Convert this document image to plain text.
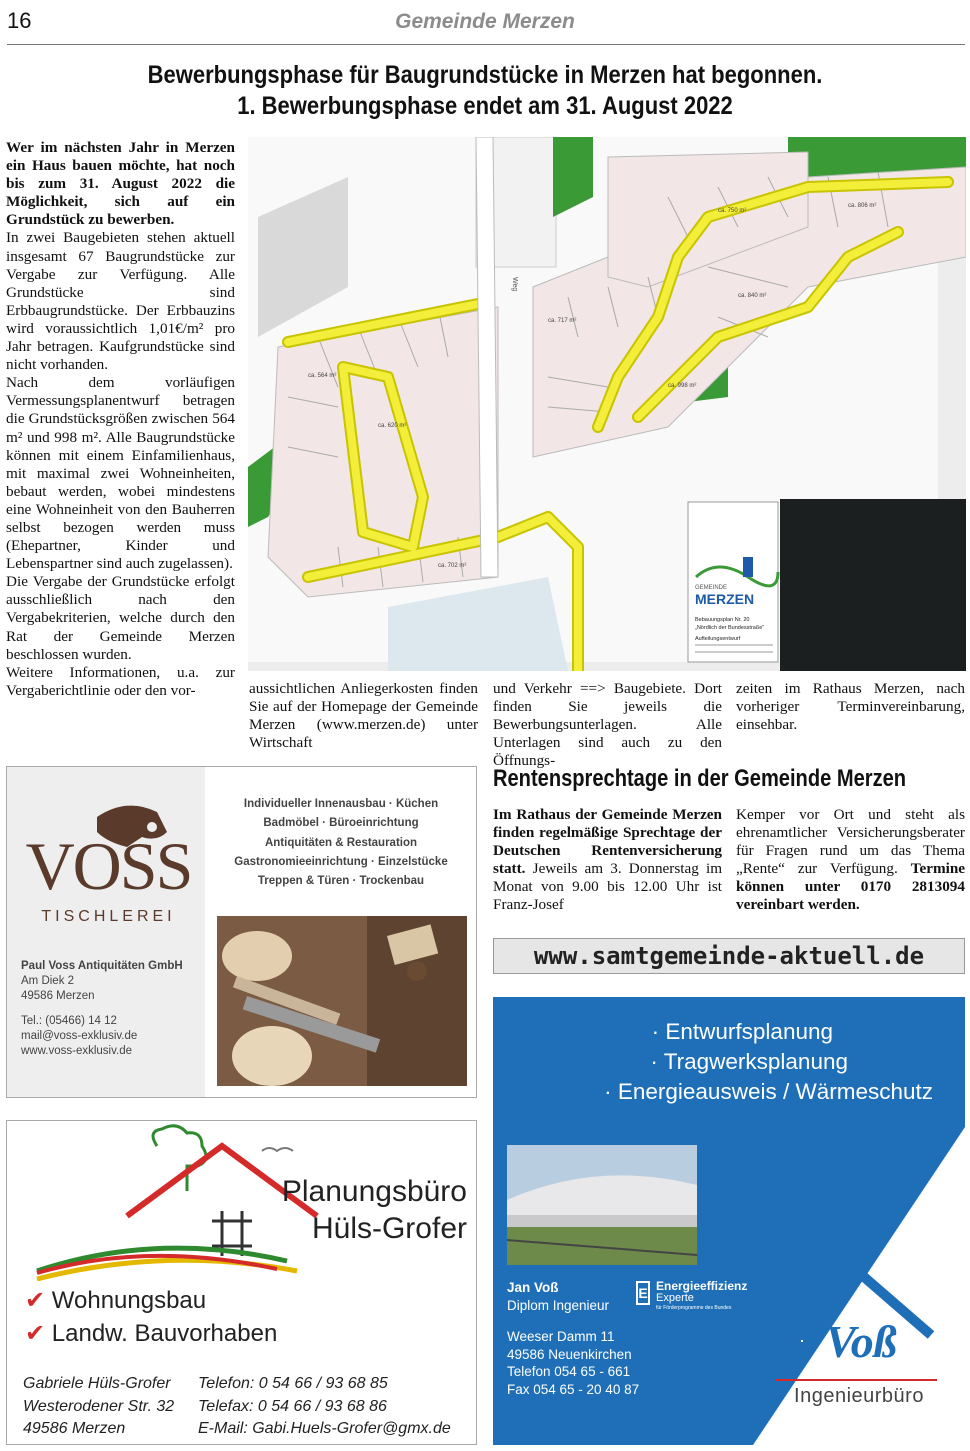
16	Gemeinde Merzen
Bewerbungsphase für Baugrundstücke in Merzen hat begonnen.
1. Bewerbungsphase endet am 31. August 2022
Wer im nächsten Jahr in Merzen ein Haus bauen möchte, hat noch bis zum 31. August 2022 die Möglichkeit, sich auf ein Grundstück zu bewerben.

In zwei Baugebieten stehen aktuell insgesamt 67 Baugrundstücke zur Vergabe zur Verfügung. Alle Grundstücke sind Erbbaugrundstücke. Der Erbbauzins wird voraussichtlich 1,01€/m² pro Jahr betragen. Kaufgrundstücke sind nicht vorhanden.

Nach dem vorläufigen Vermessungsplanentwurf betragen die Grundstücksgrößen zwischen 564 m² und 998 m². Alle Baugrundstücke können mit einem Einfamilienhaus, mit maximal zwei Wohneinheiten, bebaut werden, wobei mindestens eine Wohneinheit von den Bauherren selbst bezogen werden muss (Ehepartner, Kinder und Lebenspartner sind auch zugelassen).

Die Vergabe der Grundstücke erfolgt ausschließlich nach den Vergabekriterien, welche durch den Rat der Gemeinde Merzen beschlossen wurden.

Weitere Informationen, u.a. zur Vergaberichtlinie oder den vor-	aussichtlichen Anliegerkosten finden Sie auf der Homepage der Gemeinde Merzen (www.merzen.de) unter Wirtschaft
und Verkehr ==> Baugebiete. Dort finden Sie jeweils die Bewerbungsunterlagen. Alle Unterlagen sind auch zu den Öffnungs-
zeiten im Rathaus Merzen, nach vorheriger Terminvereinbarung, einsehbar.
Weg
ca. 564 m²
ca. 620 m²
ca. 702 m²
ca. 717 m²
ca. 750 m²
ca. 806 m²
ca. 840 m²
ca. 998 m²
GEMEINDE
MERZEN
Bebauungsplan Nr. 20
„Nördlich der Bundesstraße"
Aufteilungsentwurf
VOSS
TISCHLEREI
Paul Voss Antiquitäten GmbH
Am Diek 2
49586 Merzen
Tel.: (05466) 14 12
mail@voss-exklusiv.de
www.voss-exklusiv.de
Individueller Innenausbau · Küchen
Badmöbel · Büroeinrichtung
Antiquitäten & Restauration
Gastronomieeinrichtung · Einzelstücke
Treppen & Türen · Trockenbau
Rentensprechtage in der Gemeinde Merzen
Im Rathaus der Gemeinde Merzen finden regelmäßige Sprechtage der Deutschen Rentenversicherung statt. Jeweils am 3. Donnerstag im Monat von 9.00 bis 12.00 Uhr ist Franz-Josef
Kemper vor Ort und steht als ehrenamtlicher Versicherungsberater für Fragen rund um das Thema „Rente“ zur Verfügung. Termine können unter 0170 2813094 vereinbart werden.
www.samtgemeinde-aktuell.de
Planungsbüro
Hüls-Grofer
✔ Wohnungsbau
✔ Landw. Bauvorhaben
Gabriele Hüls-Grofer
Westerodener Str. 32
49586 Merzen
Telefon: 0 54 66 / 93 68 85
Telefax: 0 54 66 / 93 68 86
E-Mail: Gabi.Huels-Grofer@gmx.de
· Entwurfsplanung
· Tragwerksplanung
· Energieausweis / Wärmeschutz
Jan Voß
Diplom Ingenieur
Weeser Damm 11
49586 Neuenkirchen
Telefon 054 65 - 661
Fax 054 65 - 20 40 87
E Energieeffizienz
Experte
für Förderprogramme des Bundes
Voß
Ingenieurbüro
